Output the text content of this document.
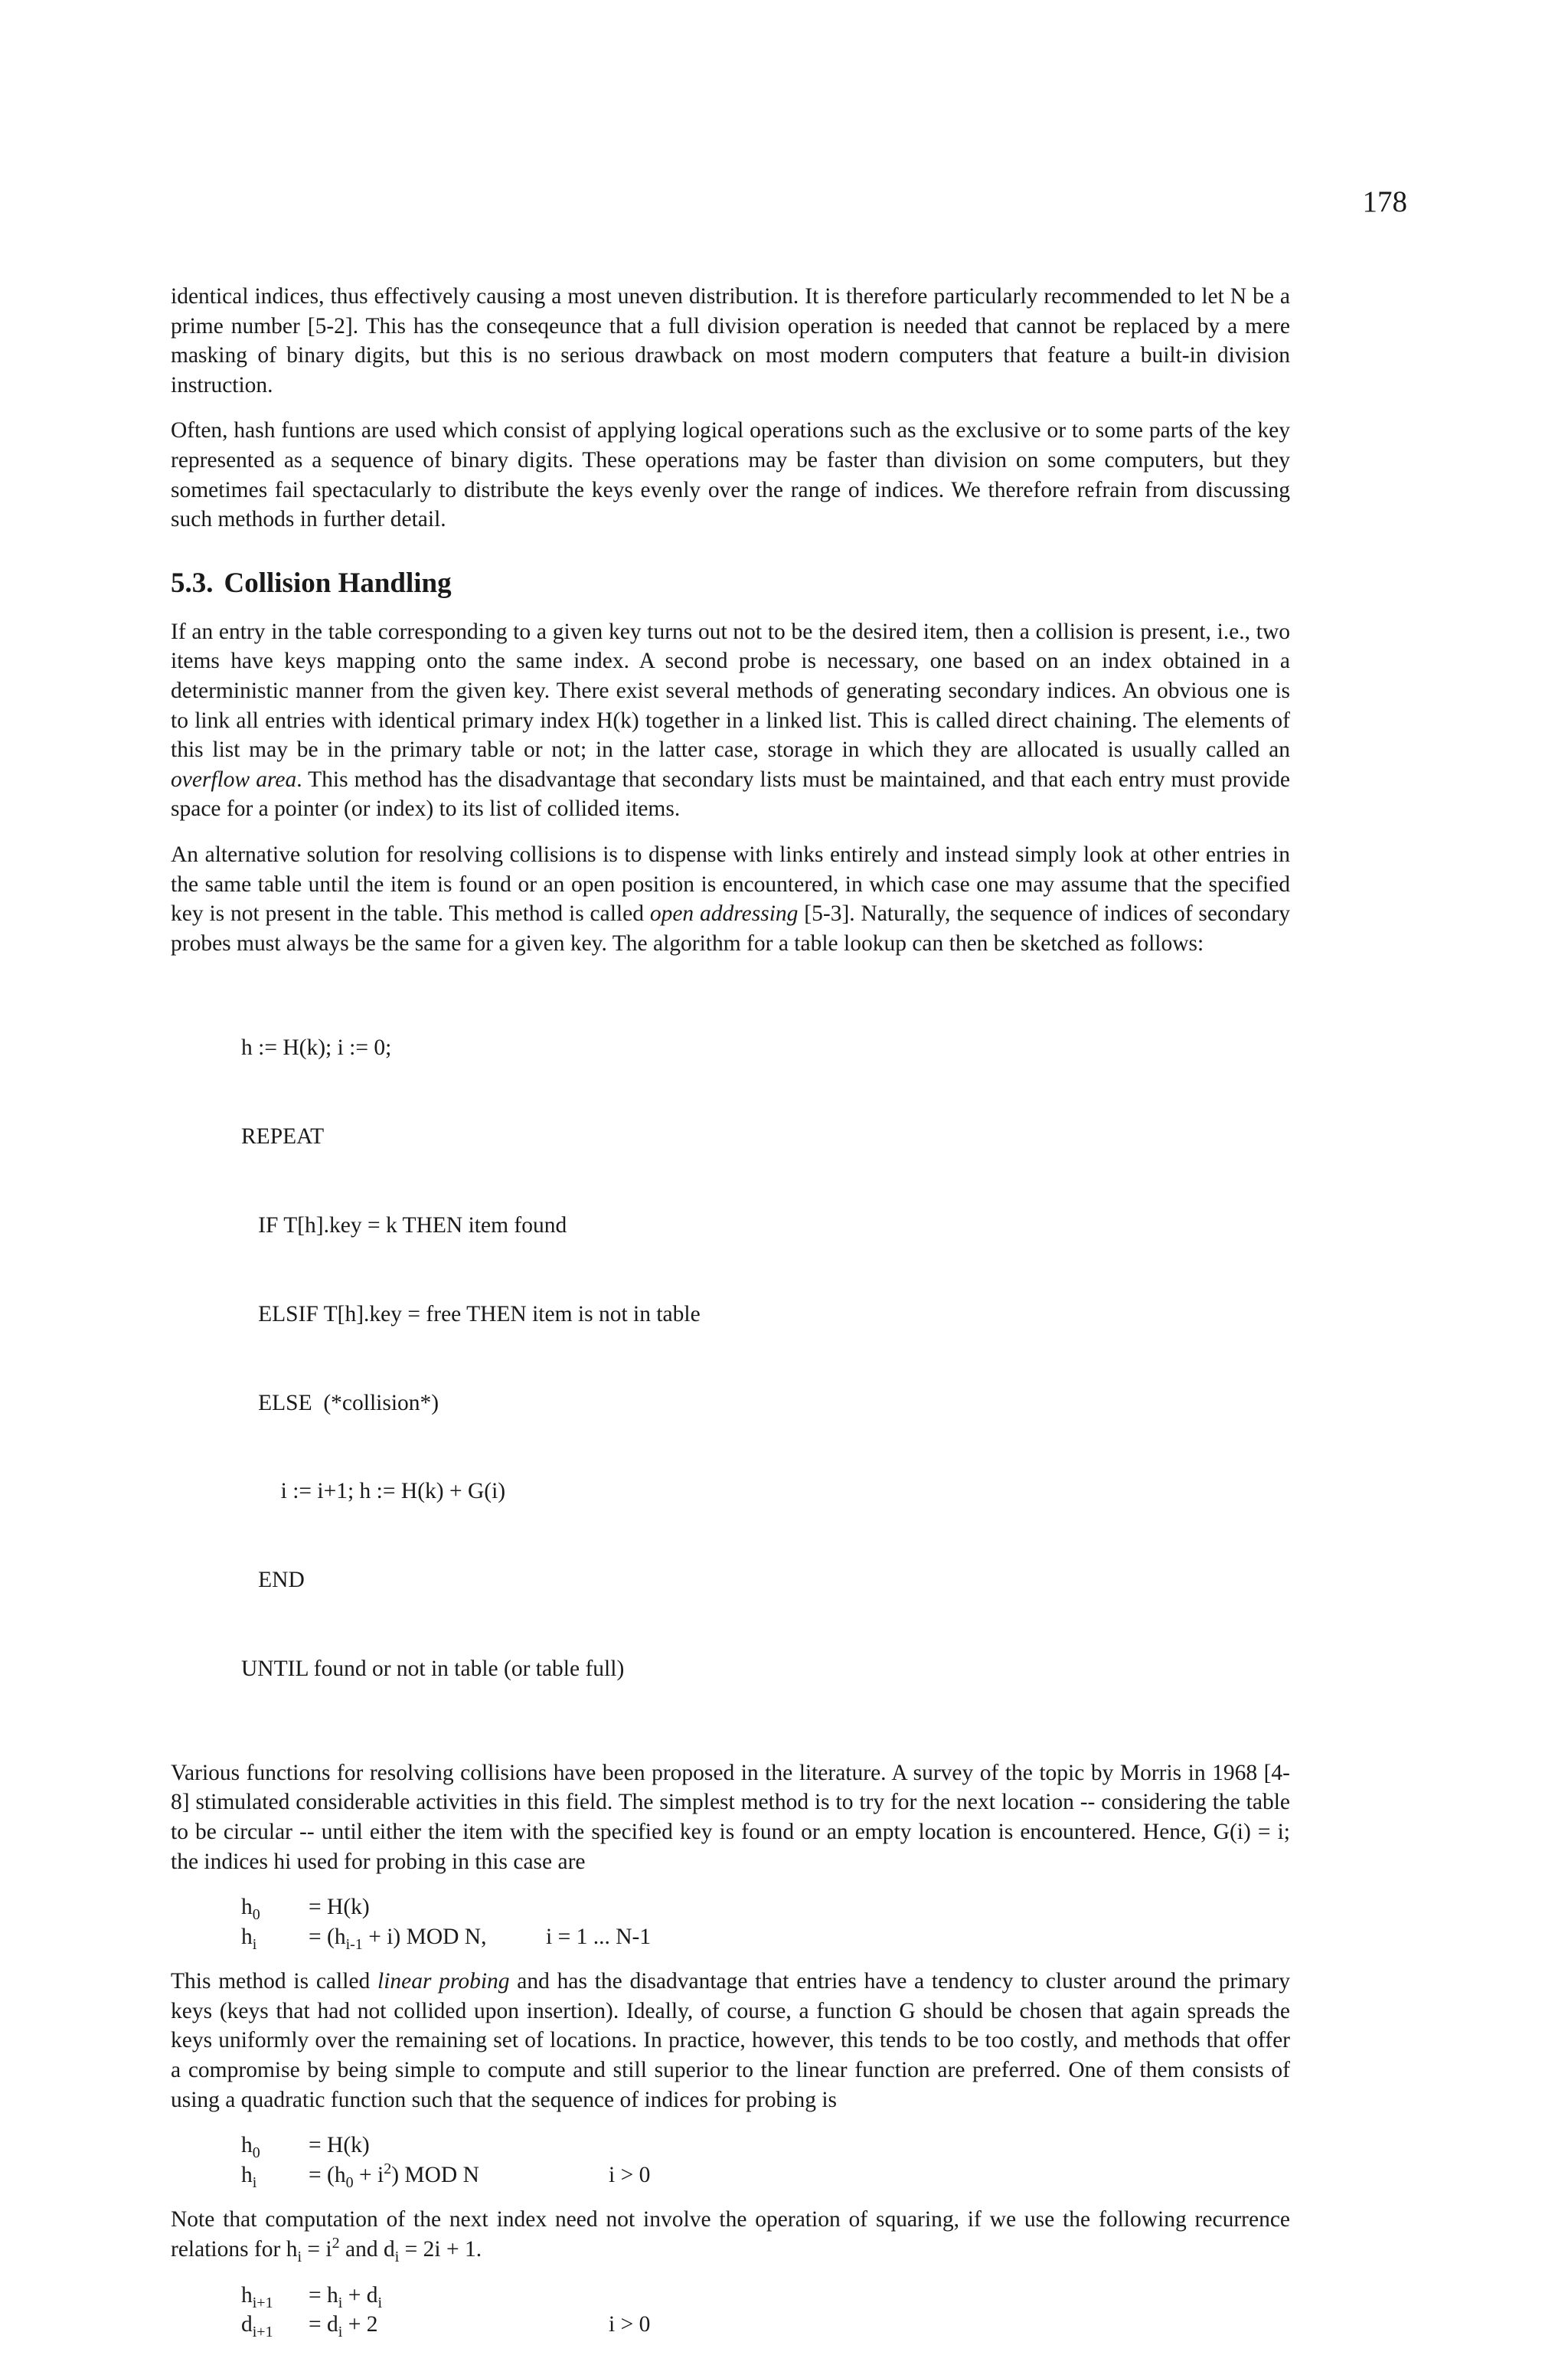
178

identical indices, thus effectively causing a most uneven distribution. It is therefore particularly recommended to let N be a prime number [5-2]. This has the conseqeunce that a full division operation is needed that cannot be replaced by a mere masking of binary digits, but this is no serious drawback on most modern computers that feature a built-in division instruction.

Often, hash funtions are used which consist of applying logical operations such as the exclusive or to some parts of the key represented as a sequence of binary digits. These operations may be faster than division on some computers, but they sometimes fail spectacularly to distribute the keys evenly over the range of indices. We therefore refrain from discussing such methods in further detail.

5.3. Collision Handling

If an entry in the table corresponding to a given key turns out not to be the desired item, then a collision is present, i.e., two items have keys mapping onto the same index. A second probe is necessary, one based on an index obtained in a deterministic manner from the given key. There exist several methods of generating secondary indices. An obvious one is to link all entries with identical primary index H(k) together in a linked list. This is called direct chaining. The elements of this list may be in the primary table or not; in the latter case, storage in which they are allocated is usually called an overflow area. This method has the disadvantage that secondary lists must be maintained, and that each entry must provide space for a pointer (or index) to its list of collided items.

An alternative solution for resolving collisions is to dispense with links entirely and instead simply look at other entries in the same table until the item is found or an open position is encountered, in which case one may assume that the specified key is not present in the table. This method is called open addressing [5-3]. Naturally, the sequence of indices of secondary probes must always be the same for a given key. The algorithm for a table lookup can then be sketched as follows:

h := H(k); i := 0;

REPEAT

IF T[h].key = k THEN item found

ELSIF T[h].key = free THEN item is not in table

ELSE  (*collision*)

i := i+1; h := H(k) + G(i)

END

UNTIL found or not in table (or table full)

Various functions for resolving collisions have been proposed in the literature. A survey of the topic by Morris in 1968 [4-8] stimulated considerable activities in this field. The simplest method is to try for the next location -- considering the table to be circular -- until either the item with the specified key is found or an empty location is encountered. Hence, G(i) = i; the indices hi used for probing in this case are

$h_0$	= H(k)
$h_i$	= $(h_{i-1} + i)$ MOD N,	i = 1 ... N-1

This method is called linear probing and has the disadvantage that entries have a tendency to cluster around the primary keys (keys that had not collided upon insertion). Ideally, of course, a function G should be chosen that again spreads the keys uniformly over the remaining set of locations. In practice, however, this tends to be too costly, and methods that offer a compromise by being simple to compute and still superior to the linear function are preferred. One of them consists of using a quadratic function such that the sequence of indices for probing is

$h_0$	= H(k)
$h_i$	= $(h_0 + i^2)$ MOD N	i > 0

Note that computation of the next index need not involve the operation of squaring, if we use the following recurrence relations for $h_i = i^2$ and $d_i = 2i + 1$.

$h_{i+1}$	= $h_i + d_i$
$d_{i+1}$	= $d_i + 2$	i > 0
